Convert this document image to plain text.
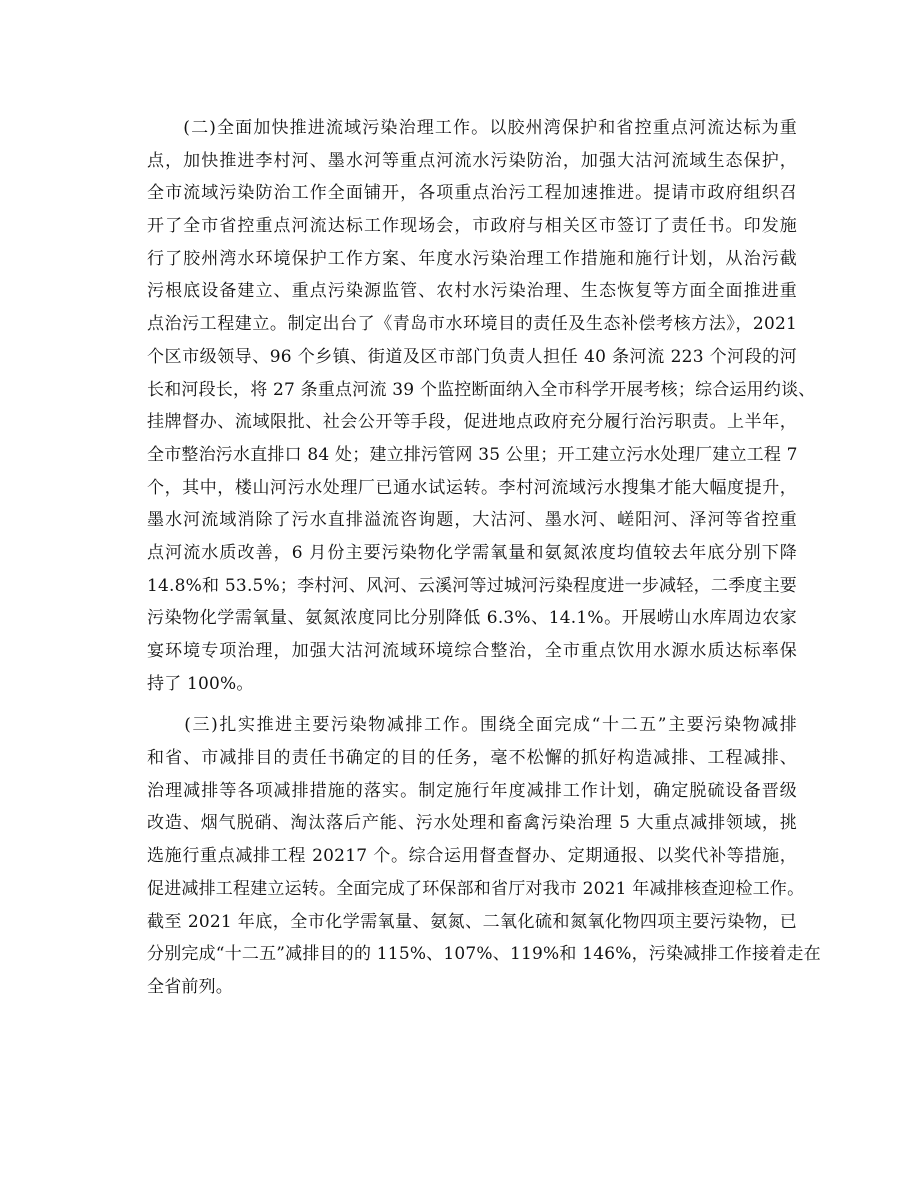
　　(二)全面加快推进流域污染治理工作。以胶州湾保护和省控重点河流达标为重
点，加快推进李村河、墨水河等重点河流水污染防治，加强大沽河流域生态保护，
全市流域污染防治工作全面铺开，各项重点治污工程加速推进。提请市政府组织召
开了全市省控重点河流达标工作现场会，市政府与相关区市签订了责任书。印发施
行了胶州湾水环境保护工作方案、年度水污染治理工作措施和施行计划，从治污截
污根底设备建立、重点污染源监管、农村水污染治理、生态恢复等方面全面推进重
点治污工程建立。制定出台了《青岛市水环境目的责任及生态补偿考核方法》，2021
个区市级领导、96 个乡镇、街道及区市部门负责人担任 40 条河流 223 个河段的河
长和河段长，将 27 条重点河流 39 个监控断面纳入全市科学开展考核；综合运用约谈、
挂牌督办、流域限批、社会公开等手段，促进地点政府充分履行治污职责。上半年，
全市整治污水直排口 84 处；建立排污管网 35 公里；开工建立污水处理厂建立工程 7
个，其中，楼山河污水处理厂已通水试运转。李村河流域污水搜集才能大幅度提升，
墨水河流域消除了污水直排溢流咨询题，大沽河、墨水河、嵯阳河、泽河等省控重
点河流水质改善，6 月份主要污染物化学需氧量和氨氮浓度均值较去年底分别下降
14.8%和 53.5%；李村河、风河、云溪河等过城河污染程度进一步减轻，二季度主要
污染物化学需氧量、氨氮浓度同比分别降低 6.3%、14.1%。开展崂山水库周边农家
宴环境专项治理，加强大沽河流域环境综合整治，全市重点饮用水源水质达标率保
持了 100%。
　　(三)扎实推进主要污染物减排工作。围绕全面完成“十二五”主要污染物减排
和省、市减排目的责任书确定的目的任务，毫不松懈的抓好构造减排、工程减排、
治理减排等各项减排措施的落实。制定施行年度减排工作计划，确定脱硫设备晋级
改造、烟气脱硝、淘汰落后产能、污水处理和畜禽污染治理 5 大重点减排领域，挑
选施行重点减排工程 20217 个。综合运用督查督办、定期通报、以奖代补等措施，
促进减排工程建立运转。全面完成了环保部和省厅对我市 2021 年减排核查迎检工作。
截至 2021 年底，全市化学需氧量、氨氮、二氧化硫和氮氧化物四项主要污染物，已
分别完成“十二五”减排目的的 115%、107%、119%和 146%，污染减排工作接着走在
全省前列。
